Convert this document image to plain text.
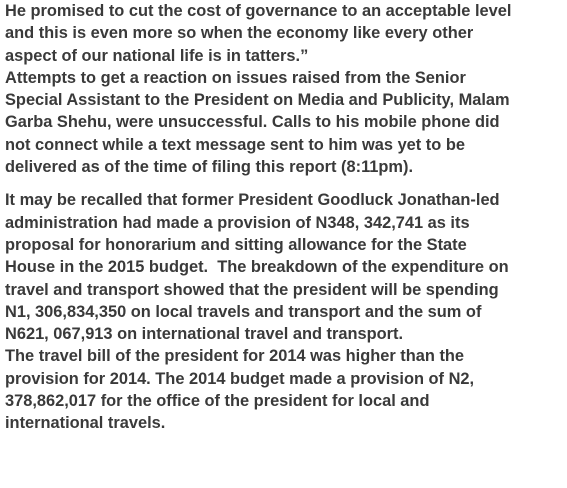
He promised to cut the cost of governance to an acceptable level
and this is even more so when the economy like every other
aspect of our national life is in tatters.”
Attempts to get a reaction on issues raised from the Senior
Special Assistant to the President on Media and Publicity, Malam
Garba Shehu, were unsuccessful. Calls to his mobile phone did
not connect while a text message sent to him was yet to be
delivered as of the time of filing this report (8:11pm).
It may be recalled that former President Goodluck Jonathan-led
administration had made a provision of N348, 342,741 as its
proposal for honorarium and sitting allowance for the State
House in the 2015 budget.  The breakdown of the expenditure on
travel and transport showed that the president will be spending
N1, 306,834,350 on local travels and transport and the sum of
N621, 067,913 on international travel and transport.
The travel bill of the president for 2014 was higher than the
provision for 2014. The 2014 budget made a provision of N2,
378,862,017 for the office of the president for local and
international travels.
